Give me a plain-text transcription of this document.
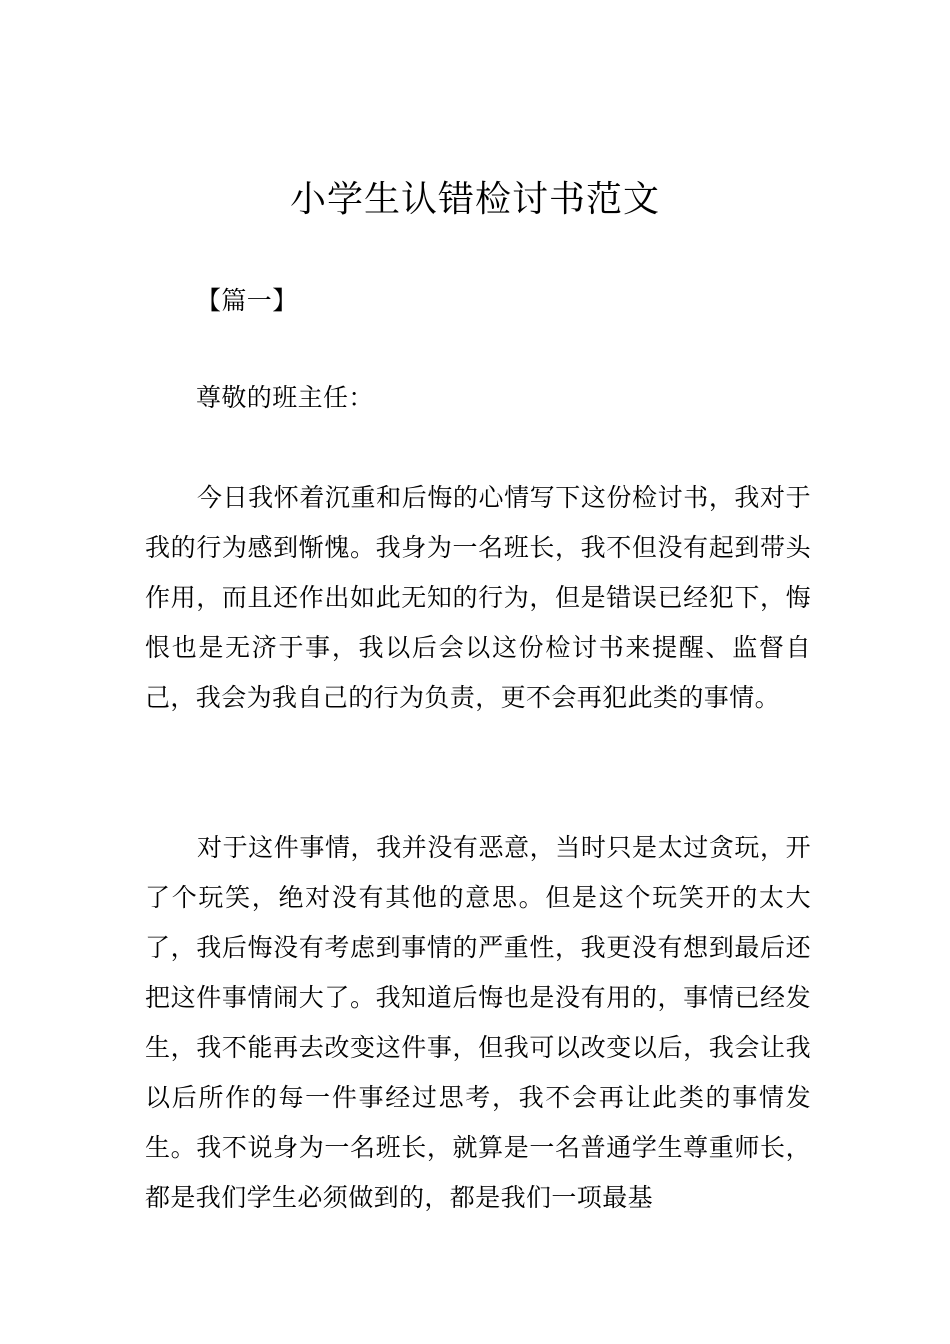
小学生认错检讨书范文
【篇一】
尊敬的班主任：
今日我怀着沉重和后悔的心情写下这份检讨书，我对于我的行为感到惭愧。我身为一名班长，我不但没有起到带头作用，而且还作出如此无知的行为，但是错误已经犯下，悔恨也是无济于事，我以后会以这份检讨书来提醒、监督自己，我会为我自己的行为负责，更不会再犯此类的事情。
对于这件事情，我并没有恶意，当时只是太过贪玩，开了个玩笑，绝对没有其他的意思。但是这个玩笑开的太大了，我后悔没有考虑到事情的严重性，我更没有想到最后还把这件事情闹大了。我知道后悔也是没有用的，事情已经发生，我不能再去改变这件事，但我可以改变以后，我会让我以后所作的每一件事经过思考，我不会再让此类的事情发生。我不说身为一名班长，就算是一名普通学生尊重师长，都是我们学生必须做到的，都是我们一项最基
